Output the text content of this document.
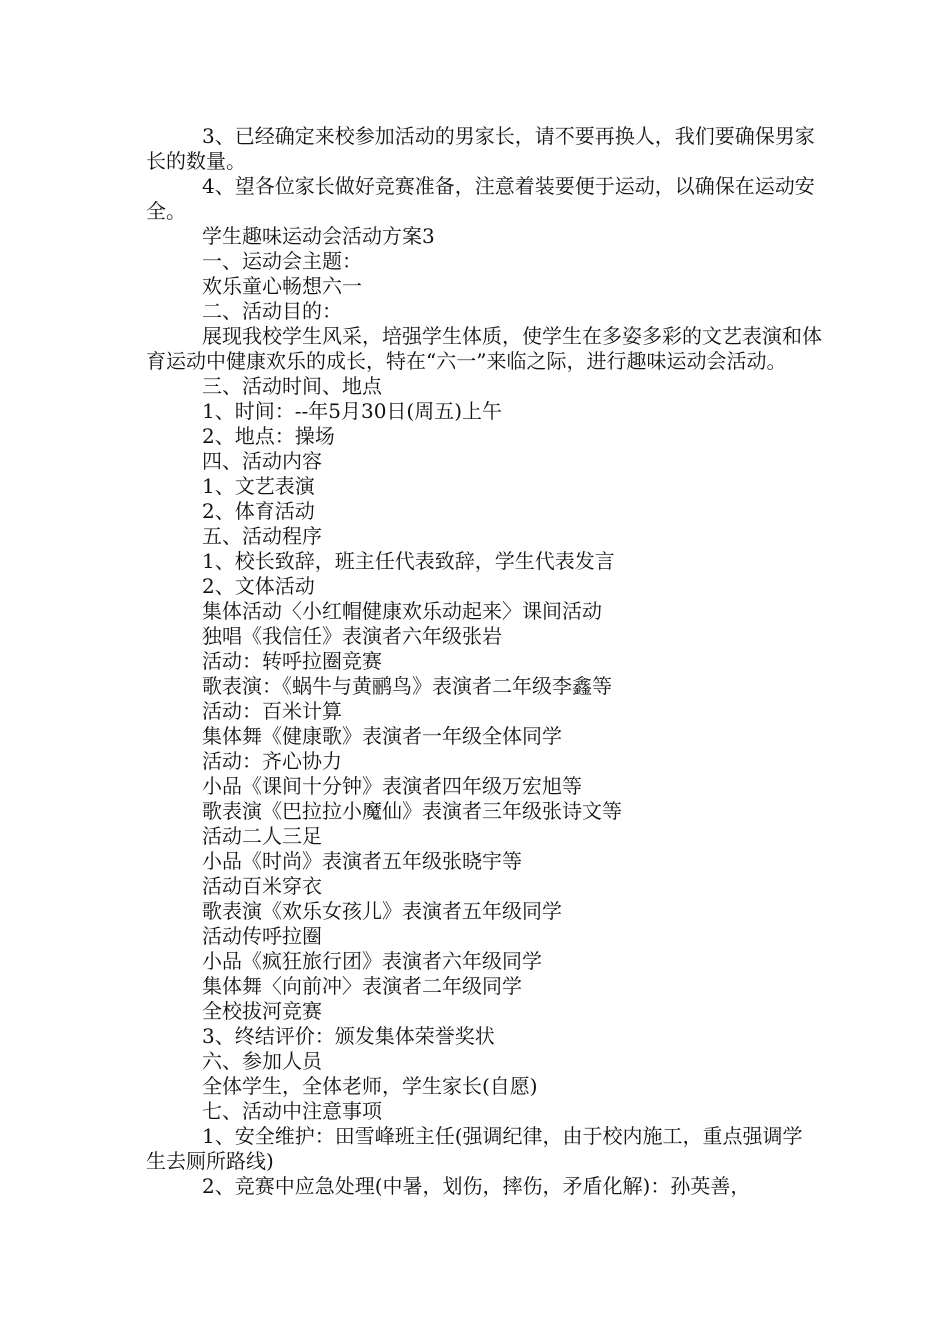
3、已经确定来校参加活动的男家长，请不要再换人，我们要确保男家长的数量。

4、望各位家长做好竞赛准备，注意着装要便于运动，以确保在运动安全。

学生趣味运动会活动方案3

一、运动会主题：

欢乐童心畅想六一

二、活动目的：

展现我校学生风采，培强学生体质，使学生在多姿多彩的文艺表演和体育运动中健康欢乐的成长，特在“六一”来临之际，进行趣味运动会活动。

三、活动时间、地点

1、时间：--年5月30日(周五)上午

2、地点：操场

四、活动内容

1、文艺表演

2、体育活动

五、活动程序

1、校长致辞，班主任代表致辞，学生代表发言

2、文体活动

集体活动〈小红帽健康欢乐动起来〉课间活动

独唱《我信任》表演者六年级张岩

活动：转呼拉圈竞赛

歌表演：《蜗牛与黄鹂鸟》表演者二年级李鑫等

活动：百米计算

集体舞《健康歌》表演者一年级全体同学

活动：齐心协力

小品《课间十分钟》表演者四年级万宏旭等

歌表演《巴拉拉小魔仙》表演者三年级张诗文等

活动二人三足

小品《时尚》表演者五年级张晓宇等

活动百米穿衣

歌表演《欢乐女孩儿》表演者五年级同学

活动传呼拉圈

小品《疯狂旅行团》表演者六年级同学

集体舞〈向前冲〉表演者二年级同学

全校拔河竞赛

3、终结评价：颁发集体荣誉奖状

六、参加人员

全体学生，全体老师，学生家长(自愿)

七、活动中注意事项

1、安全维护：田雪峰班主任(强调纪律，由于校内施工，重点强调学生去厕所路线)

2、竞赛中应急处理(中暑，划伤，摔伤，矛盾化解)：孙英善，
